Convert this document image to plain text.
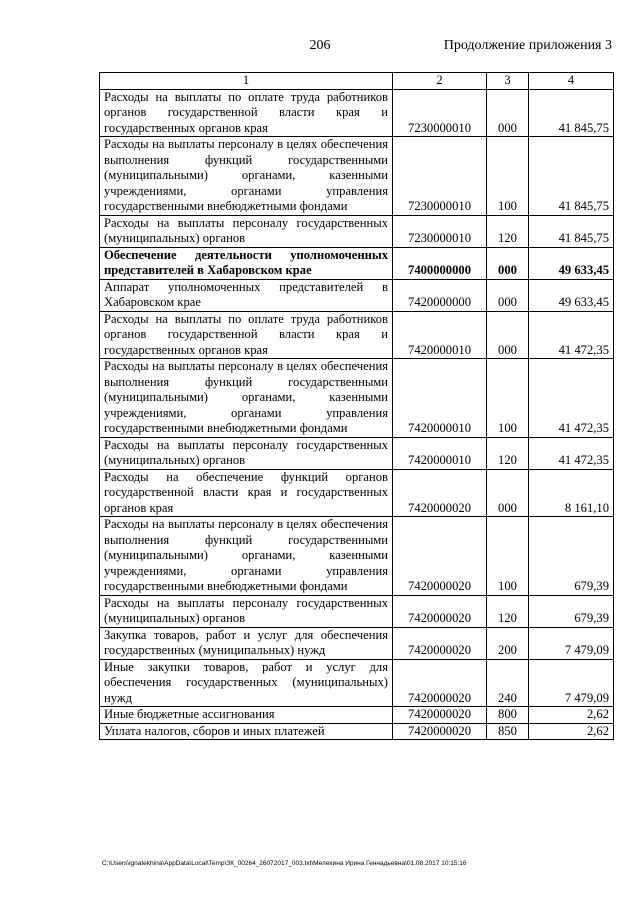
206	Продолжение приложения 3
1	2	3	4
Расходы на выплаты по оплате труда работников органов государственной власти края и государственных органов края	7230000010	000	41 845,75
Расходы на выплаты персоналу в целях обеспечения выполнения функций государственными (муниципальными) органами, казенными учреждениями, органами управления государственными внебюджетными фондами	7230000010	100	41 845,75
Расходы на выплаты персоналу государственных (муниципальных) органов	7230000010	120	41 845,75
Обеспечение деятельности уполномоченных представителей в Хабаровском крае	7400000000	000	49 633,45
Аппарат уполномоченных представителей в Хабаровском крае	7420000000	000	49 633,45
Расходы на выплаты по оплате труда работников органов государственной власти края и государственных органов края	7420000010	000	41 472,35
Расходы на выплаты персоналу в целях обеспечения выполнения функций государственными (муниципальными) органами, казенными учреждениями, органами управления государственными внебюджетными фондами	7420000010	100	41 472,35
Расходы на выплаты персоналу государственных (муниципальных) органов	7420000010	120	41 472,35
Расходы на обеспечение функций органов государственной власти края и государственных органов края	7420000020	000	8 161,10
Расходы на выплаты персоналу в целях обеспечения выполнения функций государственными (муниципальными) органами, казенными учреждениями, органами управления государственными внебюджетными фондами	7420000020	100	679,39
Расходы на выплаты персоналу государственных (муниципальных) органов	7420000020	120	679,39
Закупка товаров, работ и услуг для обеспечения государственных (муниципальных) нужд	7420000020	200	7 479,09
Иные закупки товаров, работ и услуг для обеспечения государственных (муниципальных) нужд	7420000020	240	7 479,09
Иные бюджетные ассигнования	7420000020	800	2,62
Уплата налогов, сборов и иных платежей	7420000020	850	2,62
C:\Users\ignatekhina\AppData\Local\Temp\ЗК_00264_26072017_003.txt\Мелехина Ирина Геннадьевна\01.08.2017 10:15:16
